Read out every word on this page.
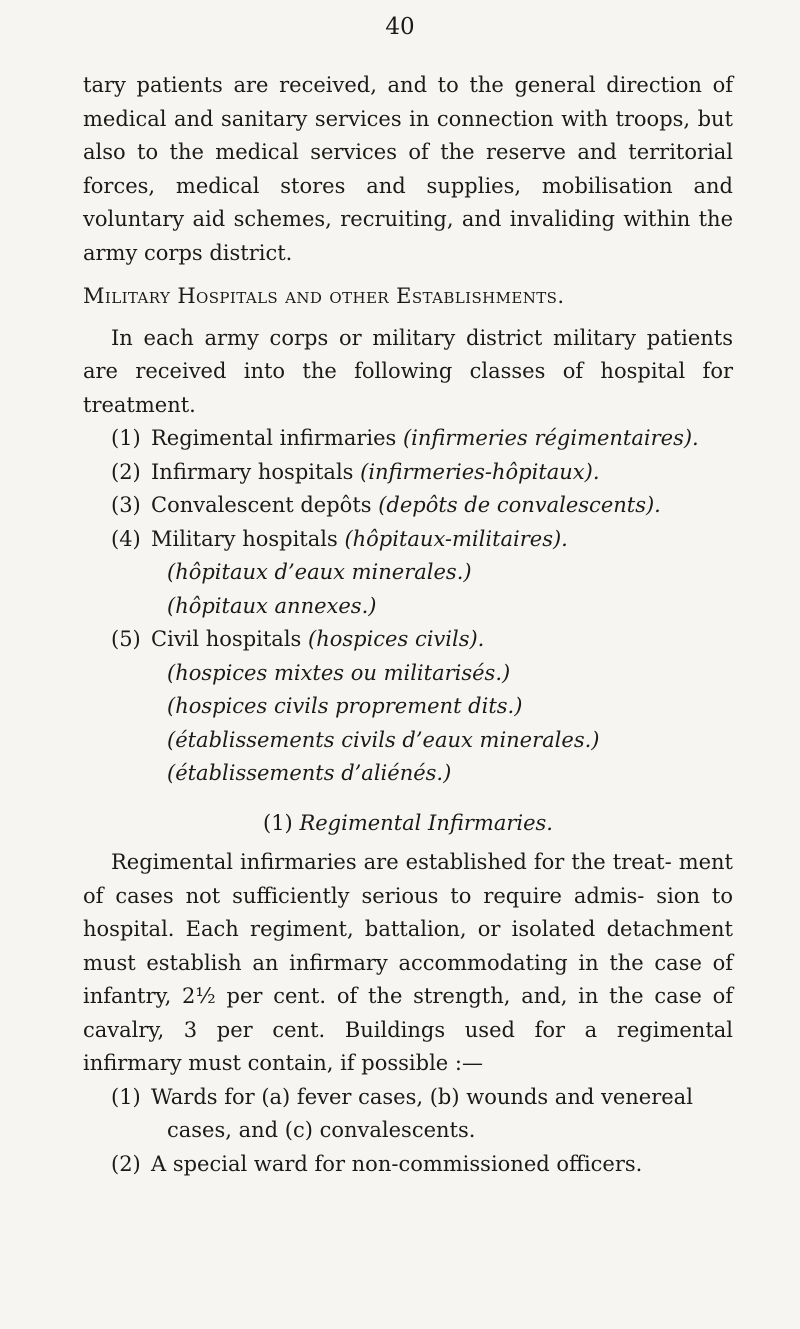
40

tary patients are received, and to the general direction of medical and sanitary services in connection with troops, but also to the medical services of the reserve and territorial forces, medical stores and supplies, mobilisation and voluntary aid schemes, recruiting, and invaliding within the army corps district.

Military Hospitals and other Establishments.

In each army corps or military district military patients are received into the following classes of hospital for treatment.

(1) Regimental infirmaries (infirmeries régimentaires).
(2) Infirmary hospitals (infirmeries-hôpitaux).
(3) Convalescent depôts (depôts de convalescents).
(4) Military hospitals (hôpitaux-militaires).
(hôpitaux d’eaux minerales.)
(hôpitaux annexes.)
(5) Civil hospitals (hospices civils).
(hospices mixtes ou militarisés.)
(hospices civils proprement dits.)
(établissements civils d’eaux minerales.)
(établissements d’aliénés.)
(1) Regimental Infirmaries.

Regimental infirmaries are established for the treat- ment of cases not sufficiently serious to require admis- sion to hospital. Each regiment, battalion, or isolated detachment must establish an infirmary accommodating in the case of infantry, 2½ per cent. of the strength, and, in the case of cavalry, 3 per cent. Buildings used for a regimental infirmary must contain, if possible :—

(1) Wards for (a) fever cases, (b) wounds and venereal cases, and (c) convalescents.
(2) A special ward for non-commissioned officers.
